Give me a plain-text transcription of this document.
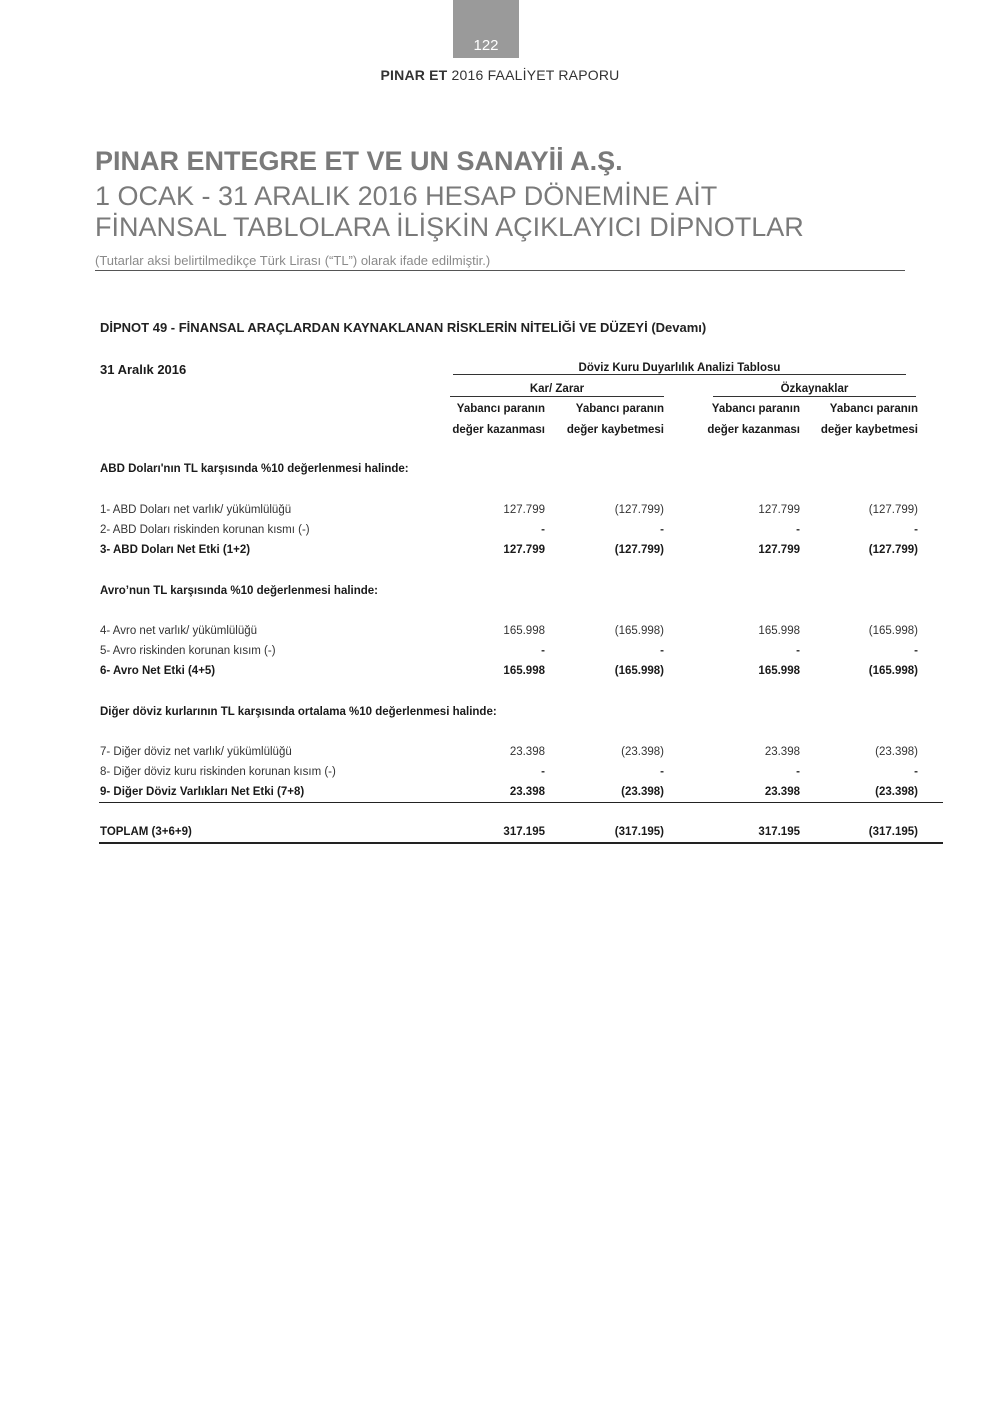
122
PINAR ET 2016 FAALİYET RAPORU
PINAR ENTEGRE ET VE UN SANAYİİ A.Ş.
1 OCAK - 31 ARALIK 2016 HESAP DÖNEMİNE AİT
FİNANSAL TABLOLARA İLİŞKİN AÇIKLAYICI DİPNOTLAR
(Tutarlar aksi belirtilmedikçe Türk Lirası (“TL”) olarak ifade edilmiştir.)
DİPNOT 49 - FİNANSAL ARAÇLARDAN KAYNAKLANAN RİSKLERİN NİTELİĞİ VE DÜZEYİ (Devamı)
31 Aralık 2016	Döviz Kuru Duyarlılık Analizi Tablosu
Kar/ Zarar	Özkaynaklar
Yabancı paranın	Yabancı paranın	Yabancı paranın	Yabancı paranın
değer kazanması	değer kaybetmesi	değer kazanması	değer kaybetmesi
ABD Doları'nın TL karşısında %10 değerlenmesi halinde:
1- ABD Doları net varlık/ yükümlülüğü	127.799	(127.799)	127.799	(127.799)
2- ABD Doları riskinden korunan kısmı (-)	-	-	-	-
3- ABD Doları Net Etki (1+2)	127.799	(127.799)	127.799	(127.799)
Avro’nun TL karşısında %10 değerlenmesi halinde:
4- Avro net varlık/ yükümlülüğü	165.998	(165.998)	165.998	(165.998)
5- Avro riskinden korunan kısım (-)	-	-	-	-
6- Avro Net Etki (4+5)	165.998	(165.998)	165.998	(165.998)
Diğer döviz kurlarının TL karşısında ortalama %10 değerlenmesi halinde:
7- Diğer döviz net varlık/ yükümlülüğü	23.398	(23.398)	23.398	(23.398)
8- Diğer döviz kuru riskinden korunan kısım (-)	-	-	-	-
9- Diğer Döviz Varlıkları Net Etki (7+8)	23.398	(23.398)	23.398	(23.398)
TOPLAM (3+6+9)	317.195	(317.195)	317.195	(317.195)
